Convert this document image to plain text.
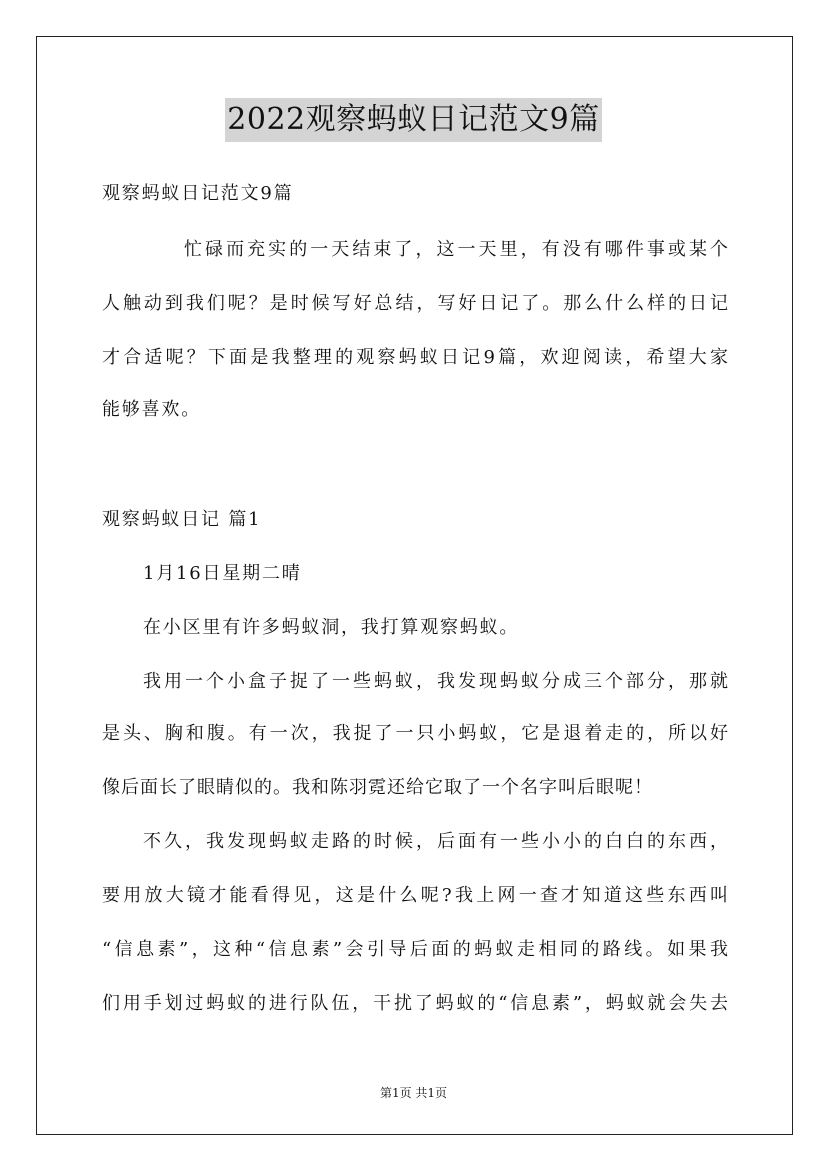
2022观察蚂蚁日记范文9篇
观察蚂蚁日记范文9篇
忙碌而充实的一天结束了，这一天里，有没有哪件事或某个
人触动到我们呢？是时候写好总结，写好日记了。那么什么样的日记
才合适呢？下面是我整理的观察蚂蚁日记9篇，欢迎阅读，希望大家
能够喜欢。
观察蚂蚁日记 篇1
1月16日星期二晴
在小区里有许多蚂蚁洞，我打算观察蚂蚁。
我用一个小盒子捉了一些蚂蚁，我发现蚂蚁分成三个部分，那就
是头、胸和腹。有一次，我捉了一只小蚂蚁，它是退着走的，所以好
像后面长了眼睛似的。我和陈羽霓还给它取了一个名字叫后眼呢！
不久，我发现蚂蚁走路的时候，后面有一些小小的白白的东西，
要用放大镜才能看得见，这是什么呢?我上网一查才知道这些东西叫
“信息素”，这种“信息素”会引导后面的蚂蚁走相同的路线。如果我
们用手划过蚂蚁的进行队伍，干扰了蚂蚁的“信息素”，蚂蚁就会失去
第1页 共1页
